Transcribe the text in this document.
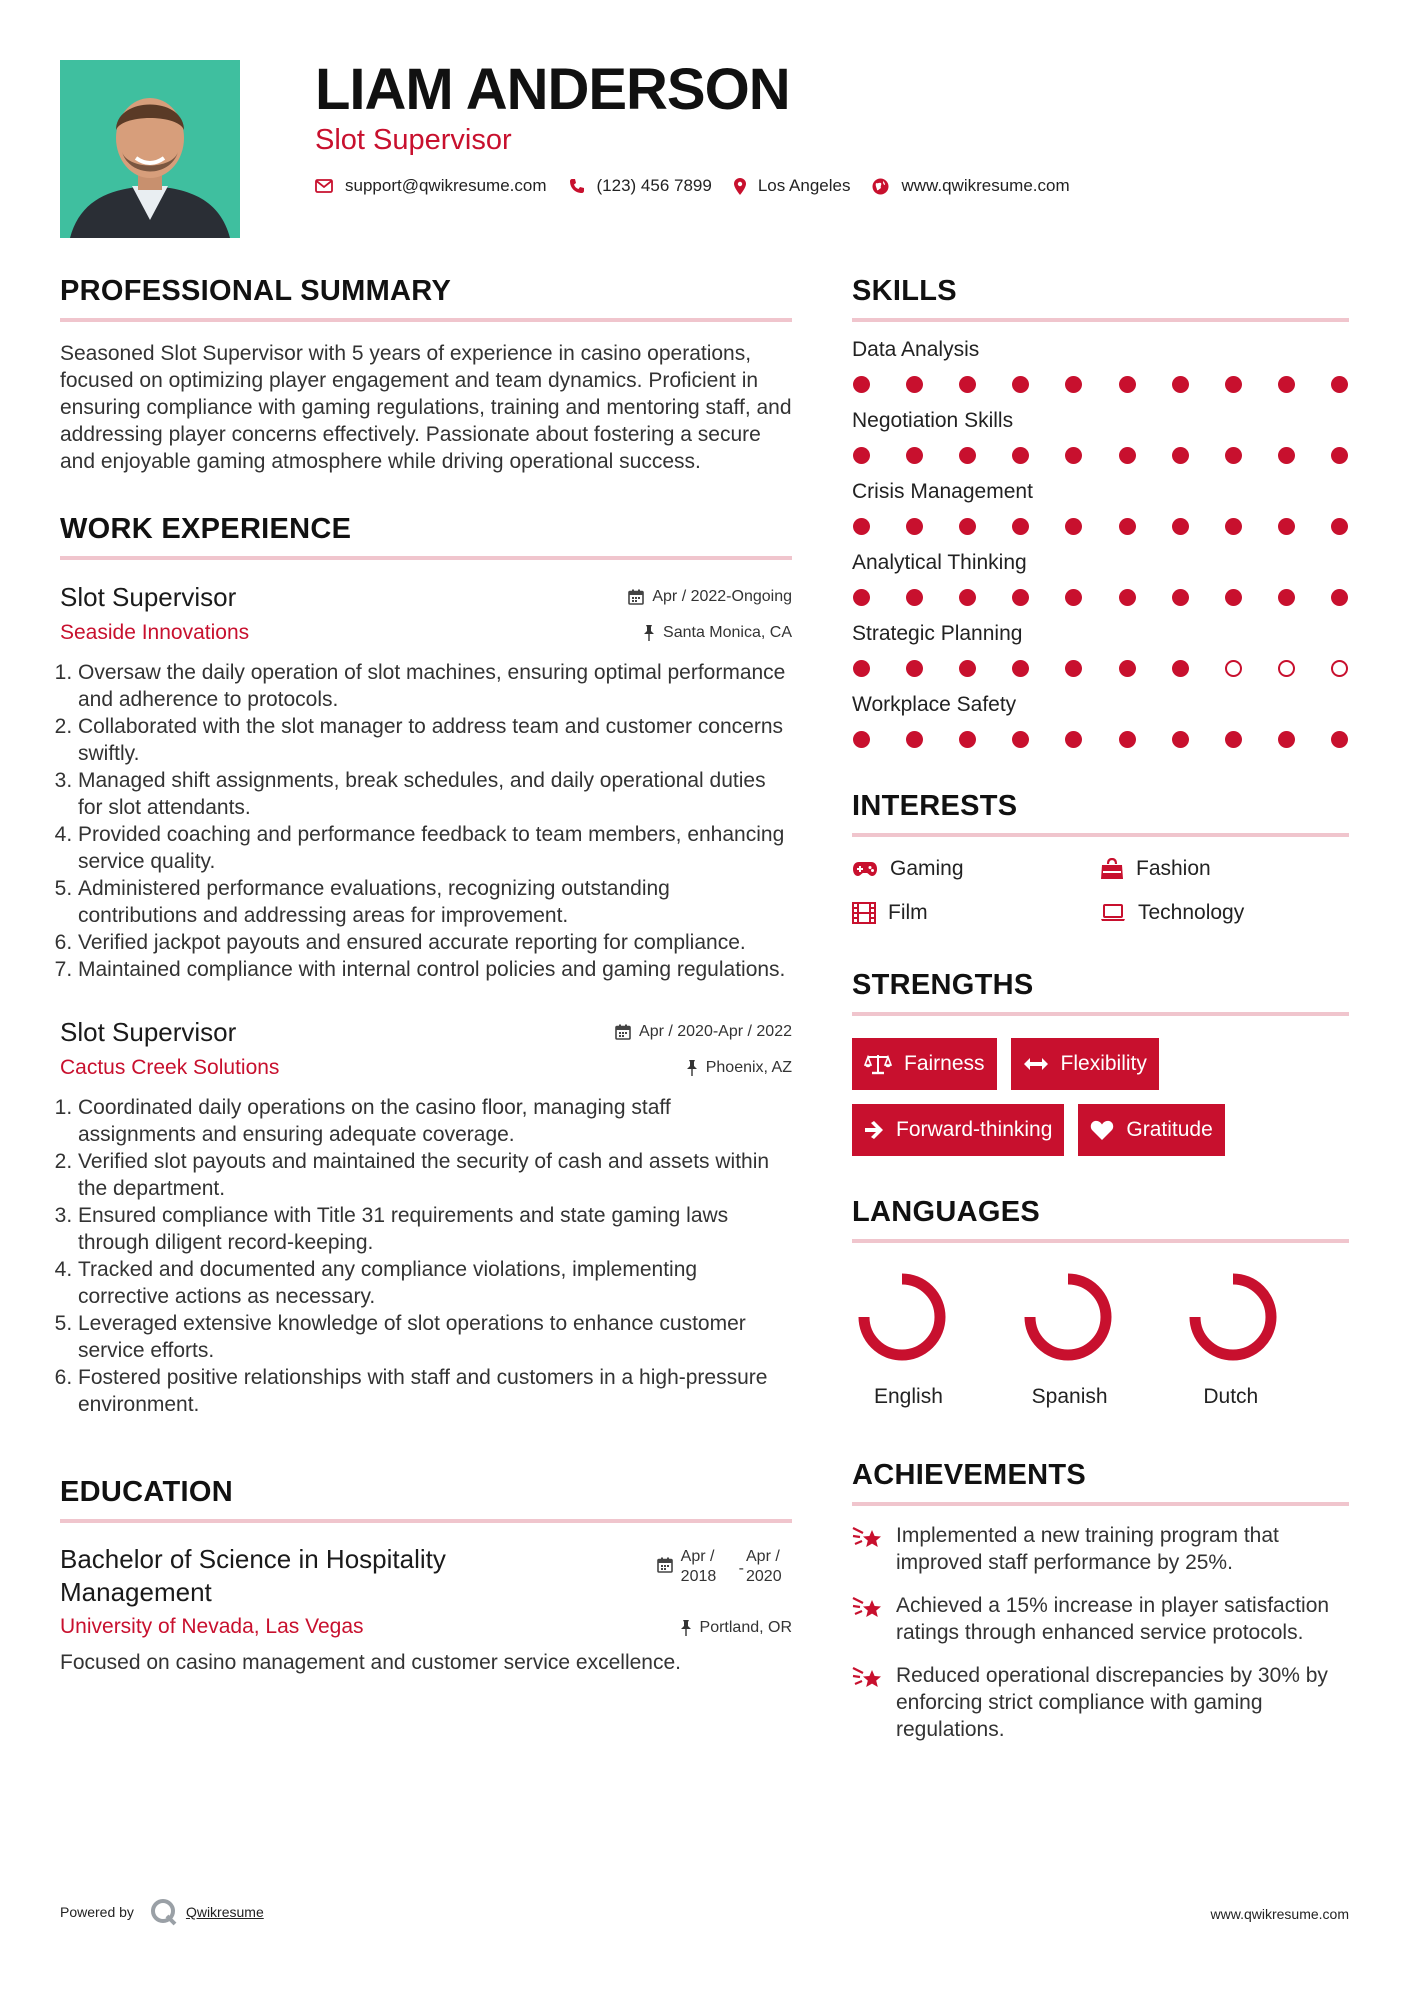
LIAM ANDERSON
Slot Supervisor
support@qwikresume.com	(123) 456 7899	Los Angeles	www.qwikresume.com
PROFESSIONAL SUMMARY

Seasoned Slot Supervisor with 5 years of experience in casino operations, focused on optimizing player engagement and team dynamics. Proficient in ensuring compliance with gaming regulations, training and mentoring staff, and addressing player concerns effectively. Passionate about fostering a secure and enjoyable gaming atmosphere while driving operational success.

WORK EXPERIENCE
Apr / 2022-Ongoing
Santa Monica, CA
Slot Supervisor
Seaside Innovations
1. Oversaw the daily operation of slot machines, ensuring optimal performance and adherence to protocols.
2. Collaborated with the slot manager to address team and customer concerns swiftly.
3. Managed shift assignments, break schedules, and daily operational duties for slot attendants.
4. Provided coaching and performance feedback to team members, enhancing service quality.
5. Administered performance evaluations, recognizing outstanding contributions and addressing areas for improvement.
6. Verified jackpot payouts and ensured accurate reporting for compliance.
7. Maintained compliance with internal control policies and gaming regulations.
Apr / 2020-Apr / 2022
Phoenix, AZ
Slot Supervisor
Cactus Creek Solutions
1. Coordinated daily operations on the casino floor, managing staff assignments and ensuring adequate coverage.
2. Verified slot payouts and maintained the security of cash and assets within the department.
3. Ensured compliance with Title 31 requirements and state gaming laws through diligent record-keeping.
4. Tracked and documented any compliance violations, implementing corrective actions as necessary.
5. Leveraged extensive knowledge of slot operations to enhance customer service efforts.
6. Fostered positive relationships with staff and customers in a high-pressure environment.
EDUCATION
Apr / 2018	-
Apr / 2020
Portland, OR
Bachelor of Science in Hospitality Management
University of Nevada, Las Vegas

Focused on casino management and customer service excellence.

SKILLS
Data Analysis
Negotiation Skills
Crisis Management
Analytical Thinking
Strategic Planning
Workplace Safety
INTERESTS
Gaming	Fashion
Film	Technology
STRENGTHS
Fairness	Flexibility
Forward-thinking	Gratitude
LANGUAGES
English	Spanish	Dutch
ACHIEVEMENTS
Implemented a new training program that improved staff performance by 25%.
Achieved a 15% increase in player satisfaction ratings through enhanced service protocols.
Reduced operational discrepancies by 30% by enforcing strict compliance with gaming regulations.
Powered by	Qwikresume	www.qwikresume.com
